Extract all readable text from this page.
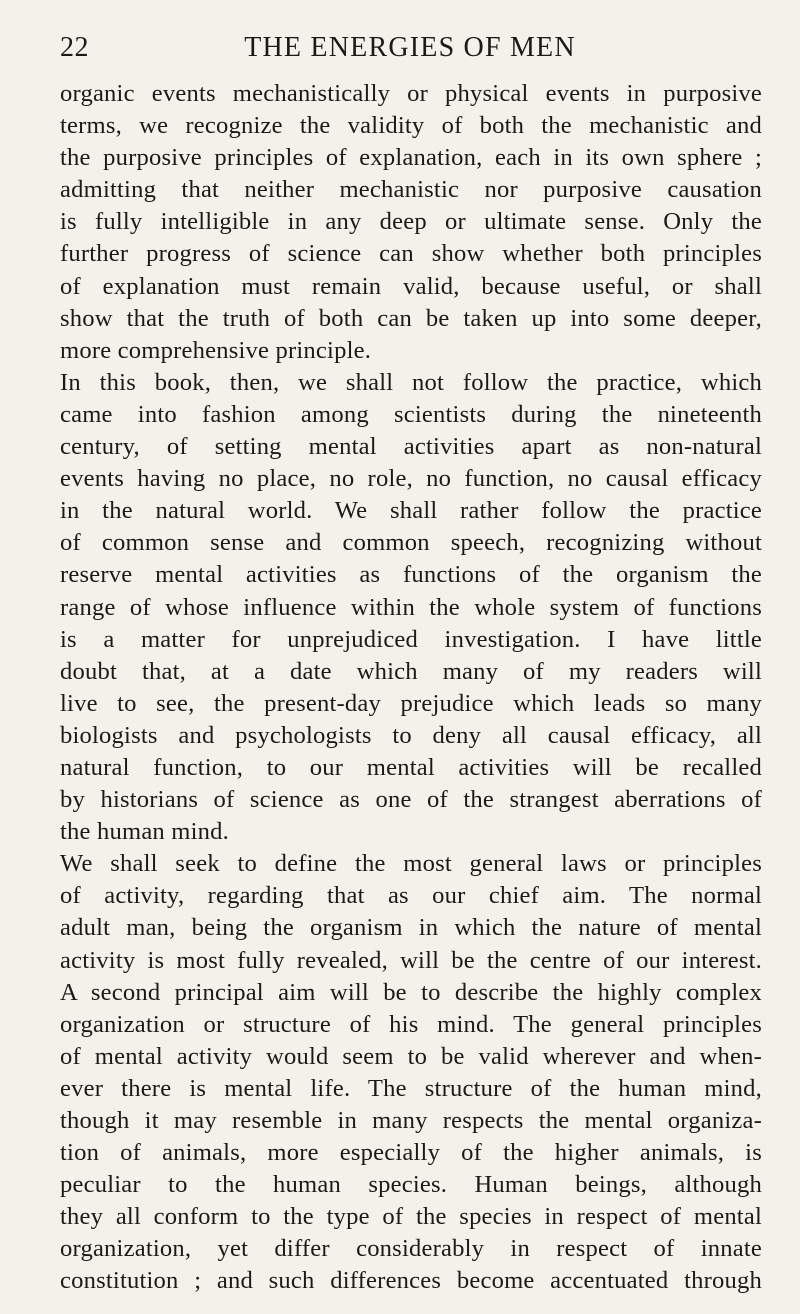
22	THE ENERGIES OF MEN
organic events mechanistically or physical events in purposive
terms, we recognize the validity of both the mechanistic and
the purposive principles of explanation, each in its own sphere ;
admitting that neither mechanistic nor purposive causation
is fully intelligible in any deep or ultimate sense. Only the
further progress of science can show whether both principles
of explanation must remain valid, because useful, or shall
show that the truth of both can be taken up into some deeper,
more comprehensive principle.
In this book, then, we shall not follow the practice, which
came into fashion among scientists during the nineteenth
century, of setting mental activities apart as non-natural
events having no place, no role, no function, no causal efficacy
in the natural world. We shall rather follow the practice
of common sense and common speech, recognizing without
reserve mental activities as functions of the organism the
range of whose influence within the whole system of functions
is a matter for unprejudiced investigation. I have little
doubt that, at a date which many of my readers will
live to see, the present-day prejudice which leads so many
biologists and psychologists to deny all causal efficacy, all
natural function, to our mental activities will be recalled
by historians of science as one of the strangest aberrations of
the human mind.
We shall seek to define the most general laws or principles
of activity, regarding that as our chief aim. The normal
adult man, being the organism in which the nature of mental
activity is most fully revealed, will be the centre of our interest.
A second principal aim will be to describe the highly complex
organization or structure of his mind. The general principles
of mental activity would seem to be valid wherever and when-
ever there is mental life. The structure of the human mind,
though it may resemble in many respects the mental organiza-
tion of animals, more especially of the higher animals, is
peculiar to the human species. Human beings, although
they all conform to the type of the species in respect of mental
organization, yet differ considerably in respect of innate
constitution ; and such differences become accentuated through
